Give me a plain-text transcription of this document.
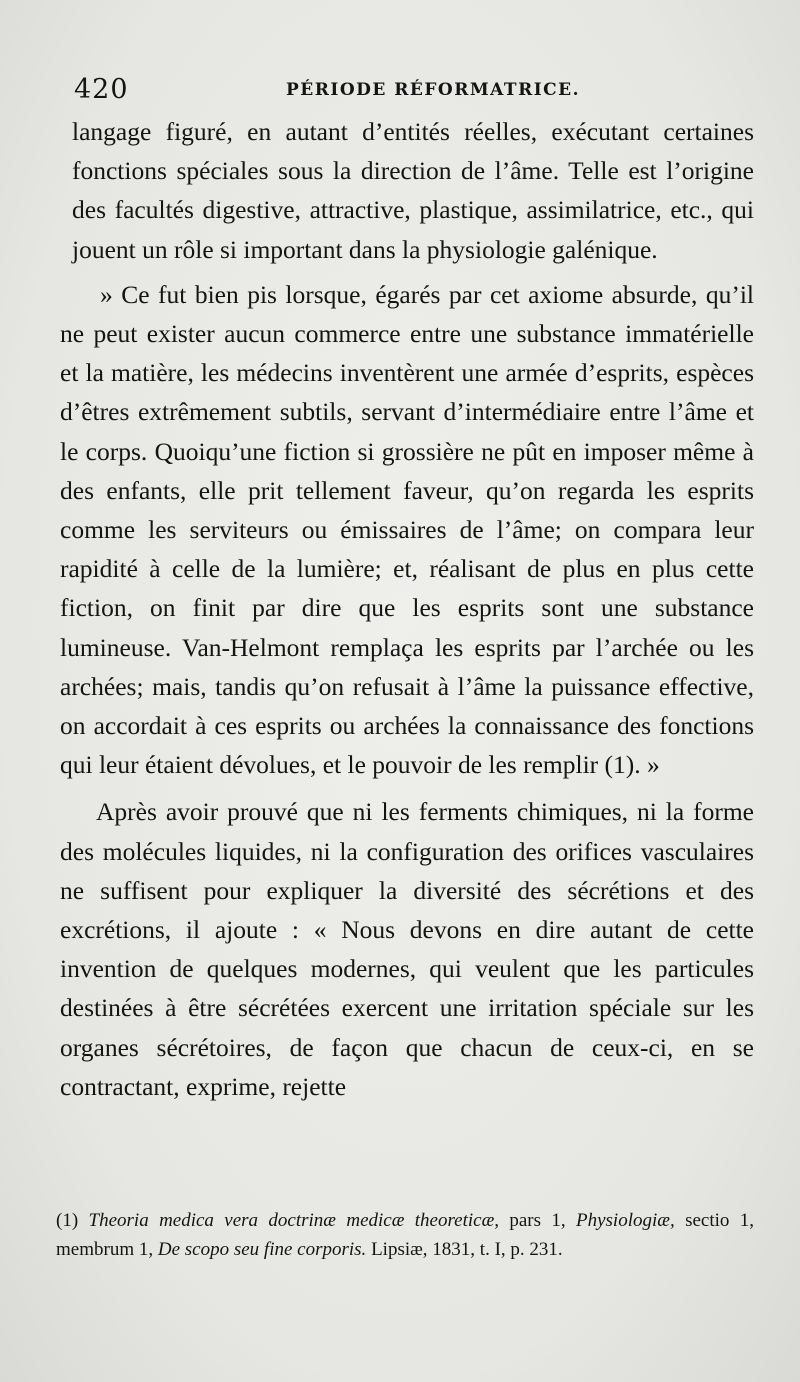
420	PÉRIODE RÉFORMATRICE.

langage figuré, en autant d’entités réelles, exécutant certaines fonctions spéciales sous la direction de l’âme. Telle est l’origine des facultés digestive, attractive, plastique, assimilatrice, etc., qui jouent un rôle si important dans la physiologie galénique.

» Ce fut bien pis lorsque, égarés par cet axiome absurde, qu’il ne peut exister aucun commerce entre une substance immatérielle et la matière, les médecins inventèrent une armée d’esprits, espèces d’êtres extrêmement subtils, servant d’intermédiaire entre l’âme et le corps. Quoiqu’une fiction si grossière ne pût en imposer même à des enfants, elle prit tellement faveur, qu’on regarda les esprits comme les serviteurs ou émissaires de l’âme; on compara leur rapidité à celle de la lumière; et, réalisant de plus en plus cette fiction, on finit par dire que les esprits sont une substance lumineuse. Van-Helmont remplaça les esprits par l’archée ou les archées; mais, tandis qu’on refusait à l’âme la puissance effective, on accordait à ces esprits ou archées la connaissance des fonctions qui leur étaient dévolues, et le pouvoir de les remplir (1). »

Après avoir prouvé que ni les ferments chimiques, ni la forme des molécules liquides, ni la configuration des orifices vasculaires ne suffisent pour expliquer la diversité des sécrétions et des excrétions, il ajoute : « Nous devons en dire autant de cette invention de quelques modernes, qui veulent que les particules destinées à être sécrétées exercent une irritation spéciale sur les organes sécrétoires, de façon que chacun de ceux-ci, en se contractant, exprime, rejette

(1) Theoria medica vera doctrinæ medicæ theoreticæ, pars 1, Physiologiæ, sectio 1, membrum 1, De scopo seu fine corporis. Lipsiæ, 1831, t. I, p. 231.
